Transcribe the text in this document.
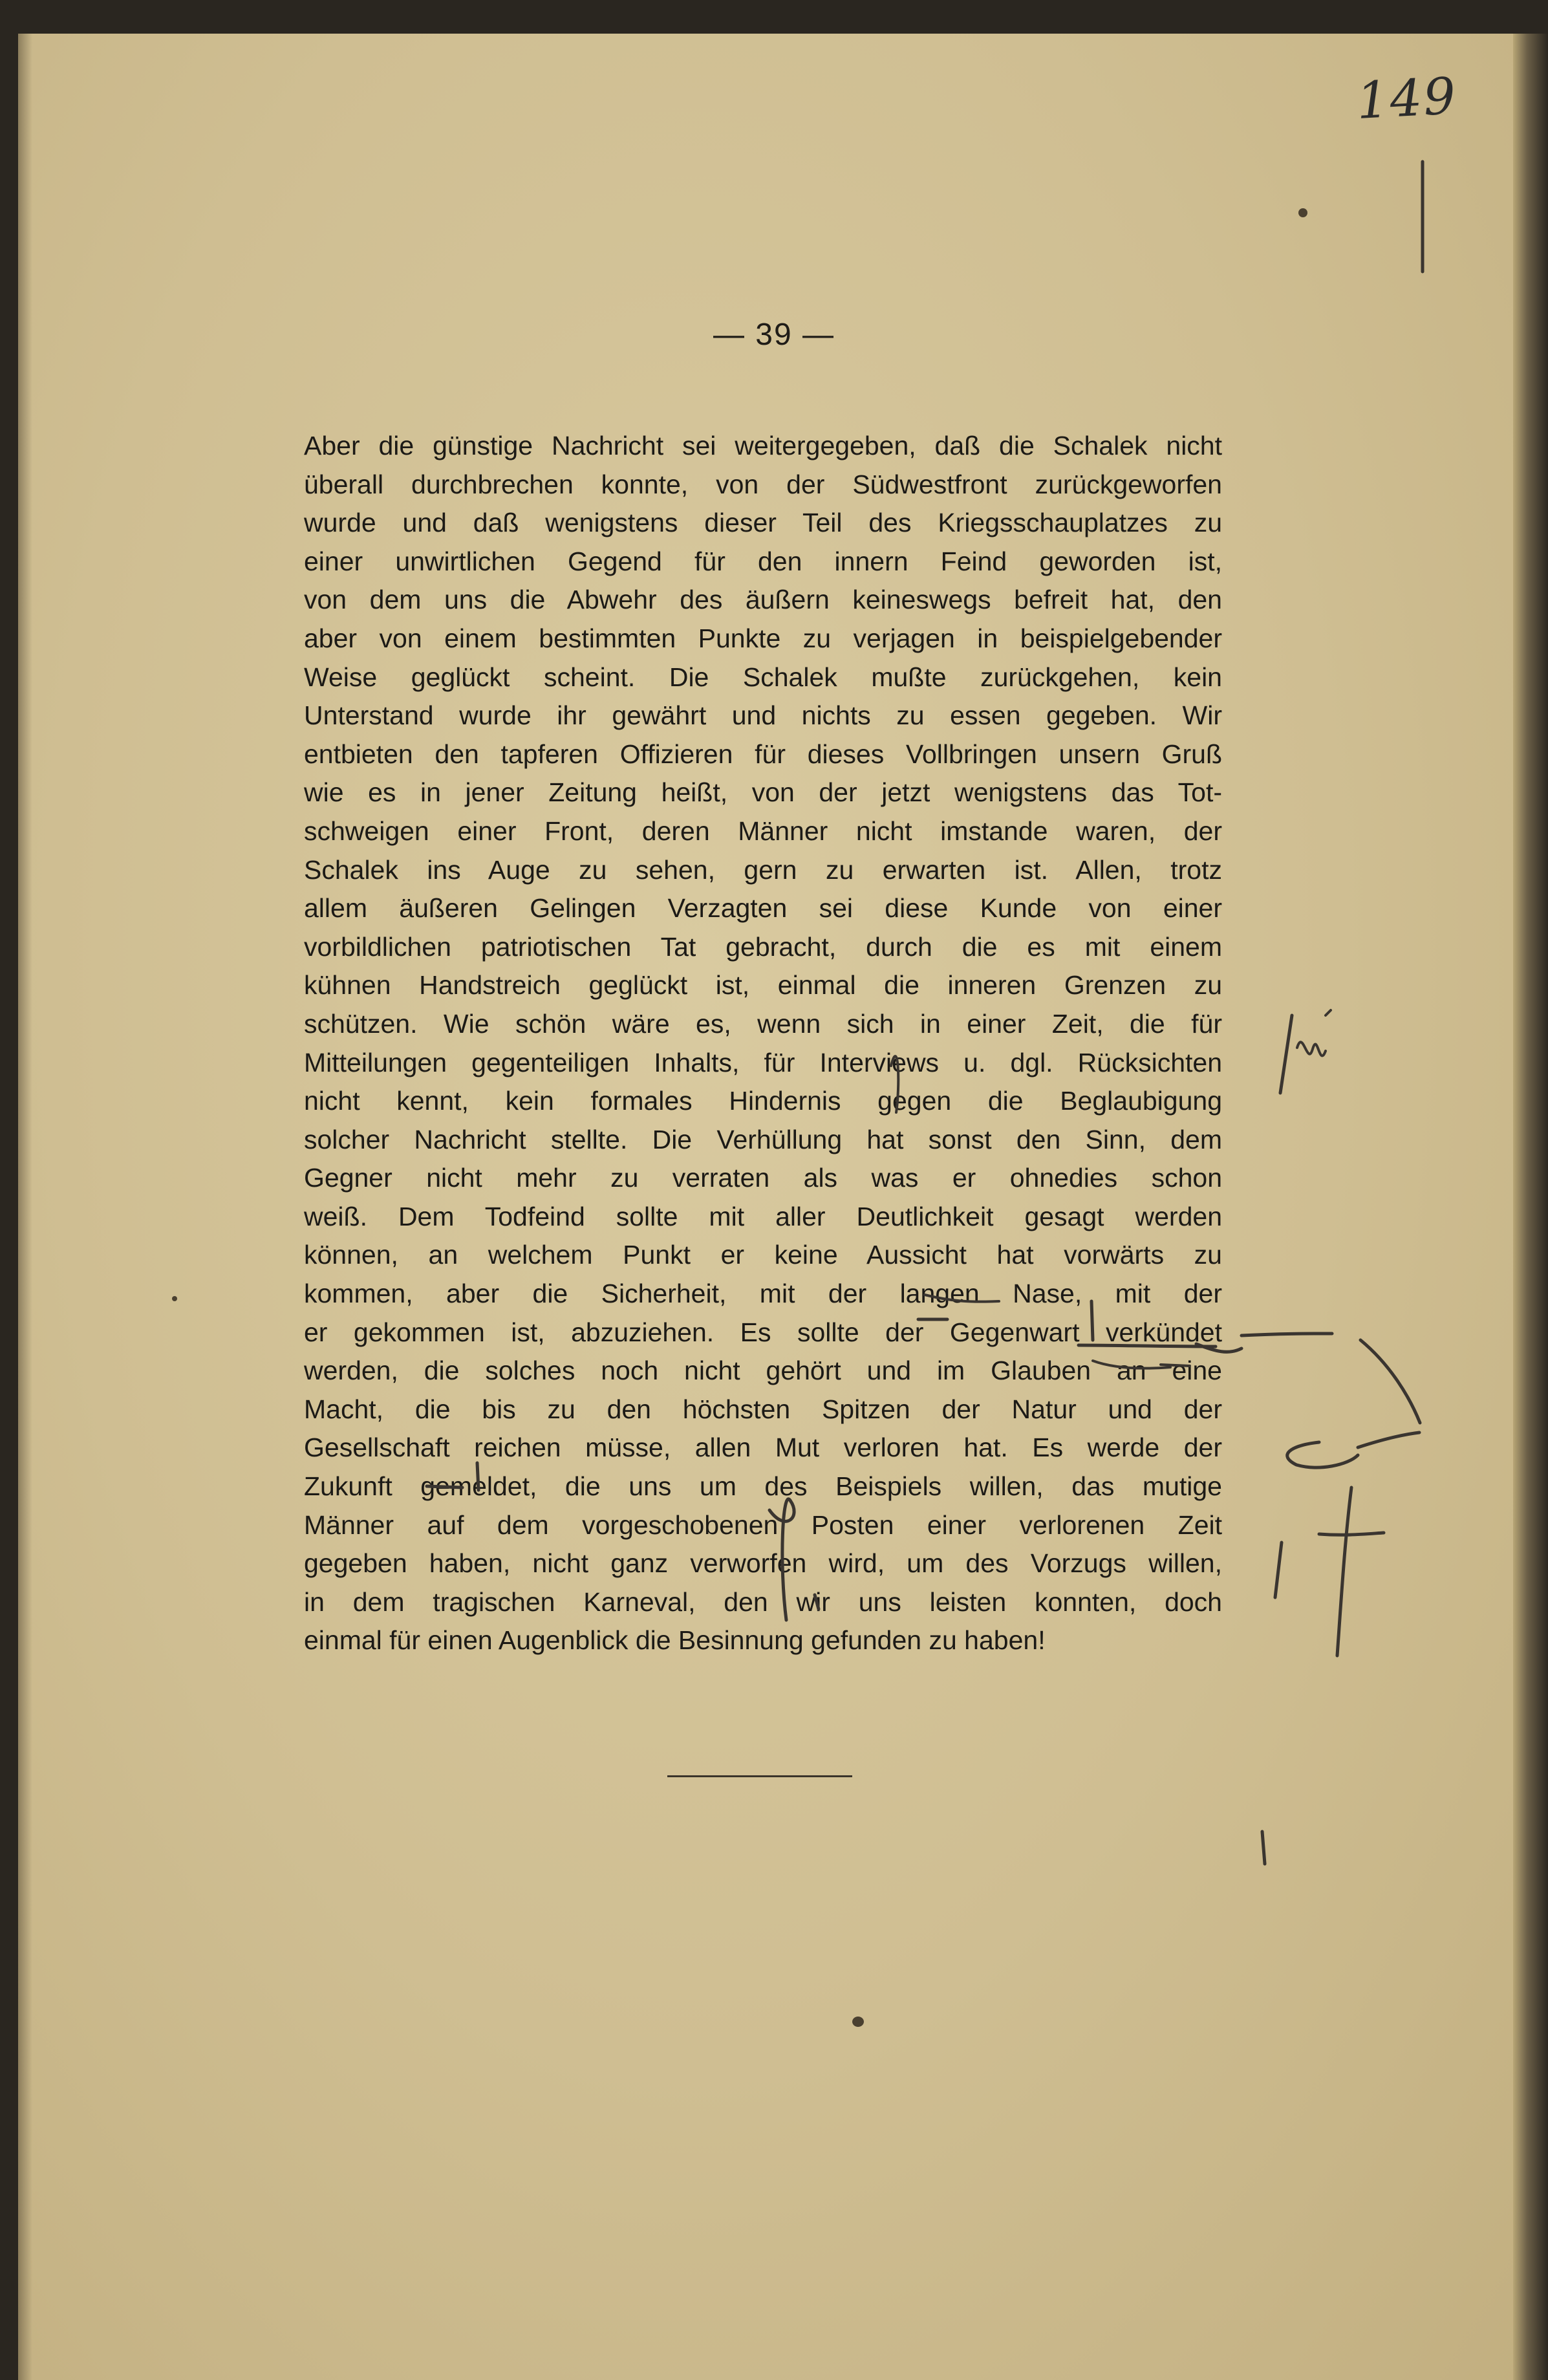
149
— 39 —
Aber die günstige Nachricht sei weitergegeben, daß die Schalek nicht
überall durchbrechen konnte, von der Südwestfront zurückgeworfen
wurde und daß wenigstens dieser Teil des Kriegsschauplatzes zu
einer unwirtlichen Gegend für den innern Feind geworden ist,
von dem uns die Abwehr des äußern keineswegs befreit hat, den
aber von einem bestimmten Punkte zu verjagen in beispielgebender
Weise geglückt scheint. Die Schalek mußte zurückgehen, kein
Unterstand wurde ihr gewährt und nichts zu essen gegeben. Wir
entbieten den tapferen Offizieren für dieses Vollbringen unsern Gruß
wie es in jener Zeitung heißt, von der jetzt wenigstens das Tot-
schweigen einer Front, deren Männer nicht imstande waren, der
Schalek ins Auge zu sehen, gern zu erwarten ist. Allen, trotz
allem äußeren Gelingen Verzagten sei diese Kunde von einer
vorbildlichen patriotischen Tat gebracht, durch die es mit einem
kühnen Handstreich geglückt ist, einmal die inneren Grenzen zu
schützen. Wie schön wäre es, wenn sich in einer Zeit, die für
Mitteilungen gegenteiligen Inhalts, für Interviews u. dgl. Rücksichten
nicht kennt, kein formales Hindernis gegen die Beglaubigung
solcher Nachricht stellte. Die Verhüllung hat sonst den Sinn, dem
Gegner nicht mehr zu verraten als was er ohnedies schon
weiß. Dem Todfeind sollte mit aller Deutlichkeit gesagt werden
können, an welchem Punkt er keine Aussicht hat vorwärts zu
kommen, aber die Sicherheit, mit der langen Nase, mit der
er gekommen ist, abzuziehen. Es sollte der Gegenwart verkündet
werden, die solches noch nicht gehört und im Glauben an eine
Macht, die bis zu den höchsten Spitzen der Natur und der
Gesellschaft reichen müsse, allen Mut verloren hat. Es werde der
Zukunft gemeldet, die uns um des Beispiels willen, das mutige
Männer auf dem vorgeschobenen Posten einer verlorenen Zeit
gegeben haben, nicht ganz verworfen wird, um des Vorzugs willen,
in dem tragischen Karneval, den wir uns leisten konnten, doch
einmal für einen Augenblick die Besinnung gefunden zu haben!
